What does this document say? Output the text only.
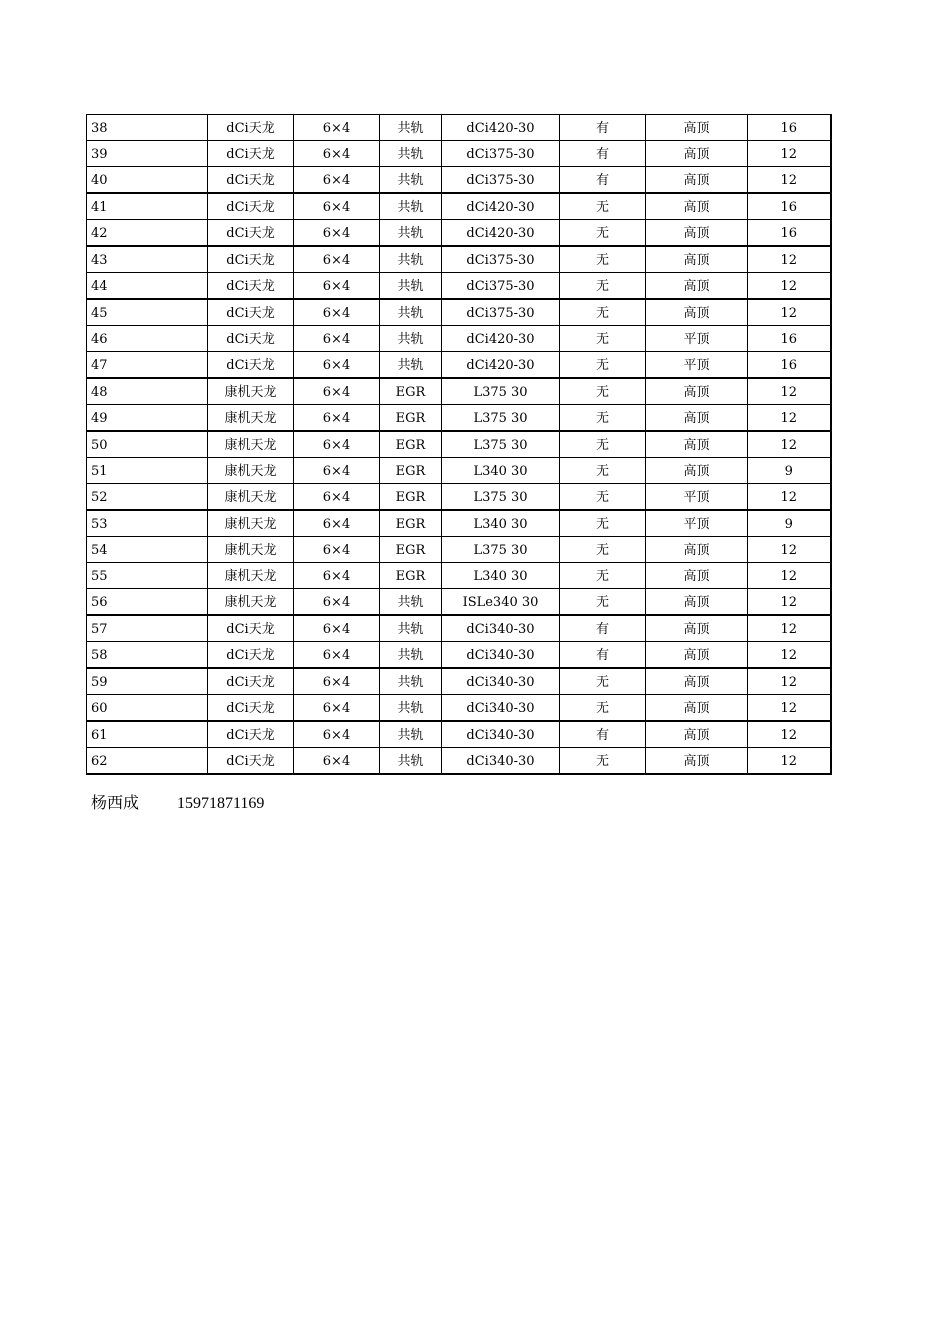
38	dCi天龙	6×4	共轨	dCi420-30	有	高顶	16
39	dCi天龙	6×4	共轨	dCi375-30	有	高顶	12
40	dCi天龙	6×4	共轨	dCi375-30	有	高顶	12
41	dCi天龙	6×4	共轨	dCi420-30	无	高顶	16
42	dCi天龙	6×4	共轨	dCi420-30	无	高顶	16
43	dCi天龙	6×4	共轨	dCi375-30	无	高顶	12
44	dCi天龙	6×4	共轨	dCi375-30	无	高顶	12
45	dCi天龙	6×4	共轨	dCi375-30	无	高顶	12
46	dCi天龙	6×4	共轨	dCi420-30	无	平顶	16
47	dCi天龙	6×4	共轨	dCi420-30	无	平顶	16
48	康机天龙	6×4	EGR	L375 30	无	高顶	12
49	康机天龙	6×4	EGR	L375 30	无	高顶	12
50	康机天龙	6×4	EGR	L375 30	无	高顶	12
51	康机天龙	6×4	EGR	L340 30	无	高顶	9
52	康机天龙	6×4	EGR	L375 30	无	平顶	12
53	康机天龙	6×4	EGR	L340 30	无	平顶	9
54	康机天龙	6×4	EGR	L375 30	无	高顶	12
55	康机天龙	6×4	EGR	L340 30	无	高顶	12
56	康机天龙	6×4	共轨	ISLe340 30	无	高顶	12
57	dCi天龙	6×4	共轨	dCi340-30	有	高顶	12
58	dCi天龙	6×4	共轨	dCi340-30	有	高顶	12
59	dCi天龙	6×4	共轨	dCi340-30	无	高顶	12
60	dCi天龙	6×4	共轨	dCi340-30	无	高顶	12
61	dCi天龙	6×4	共轨	dCi340-30	有	高顶	12
62	dCi天龙	6×4	共轨	dCi340-30	无	高顶	12
杨西成 15971871169
